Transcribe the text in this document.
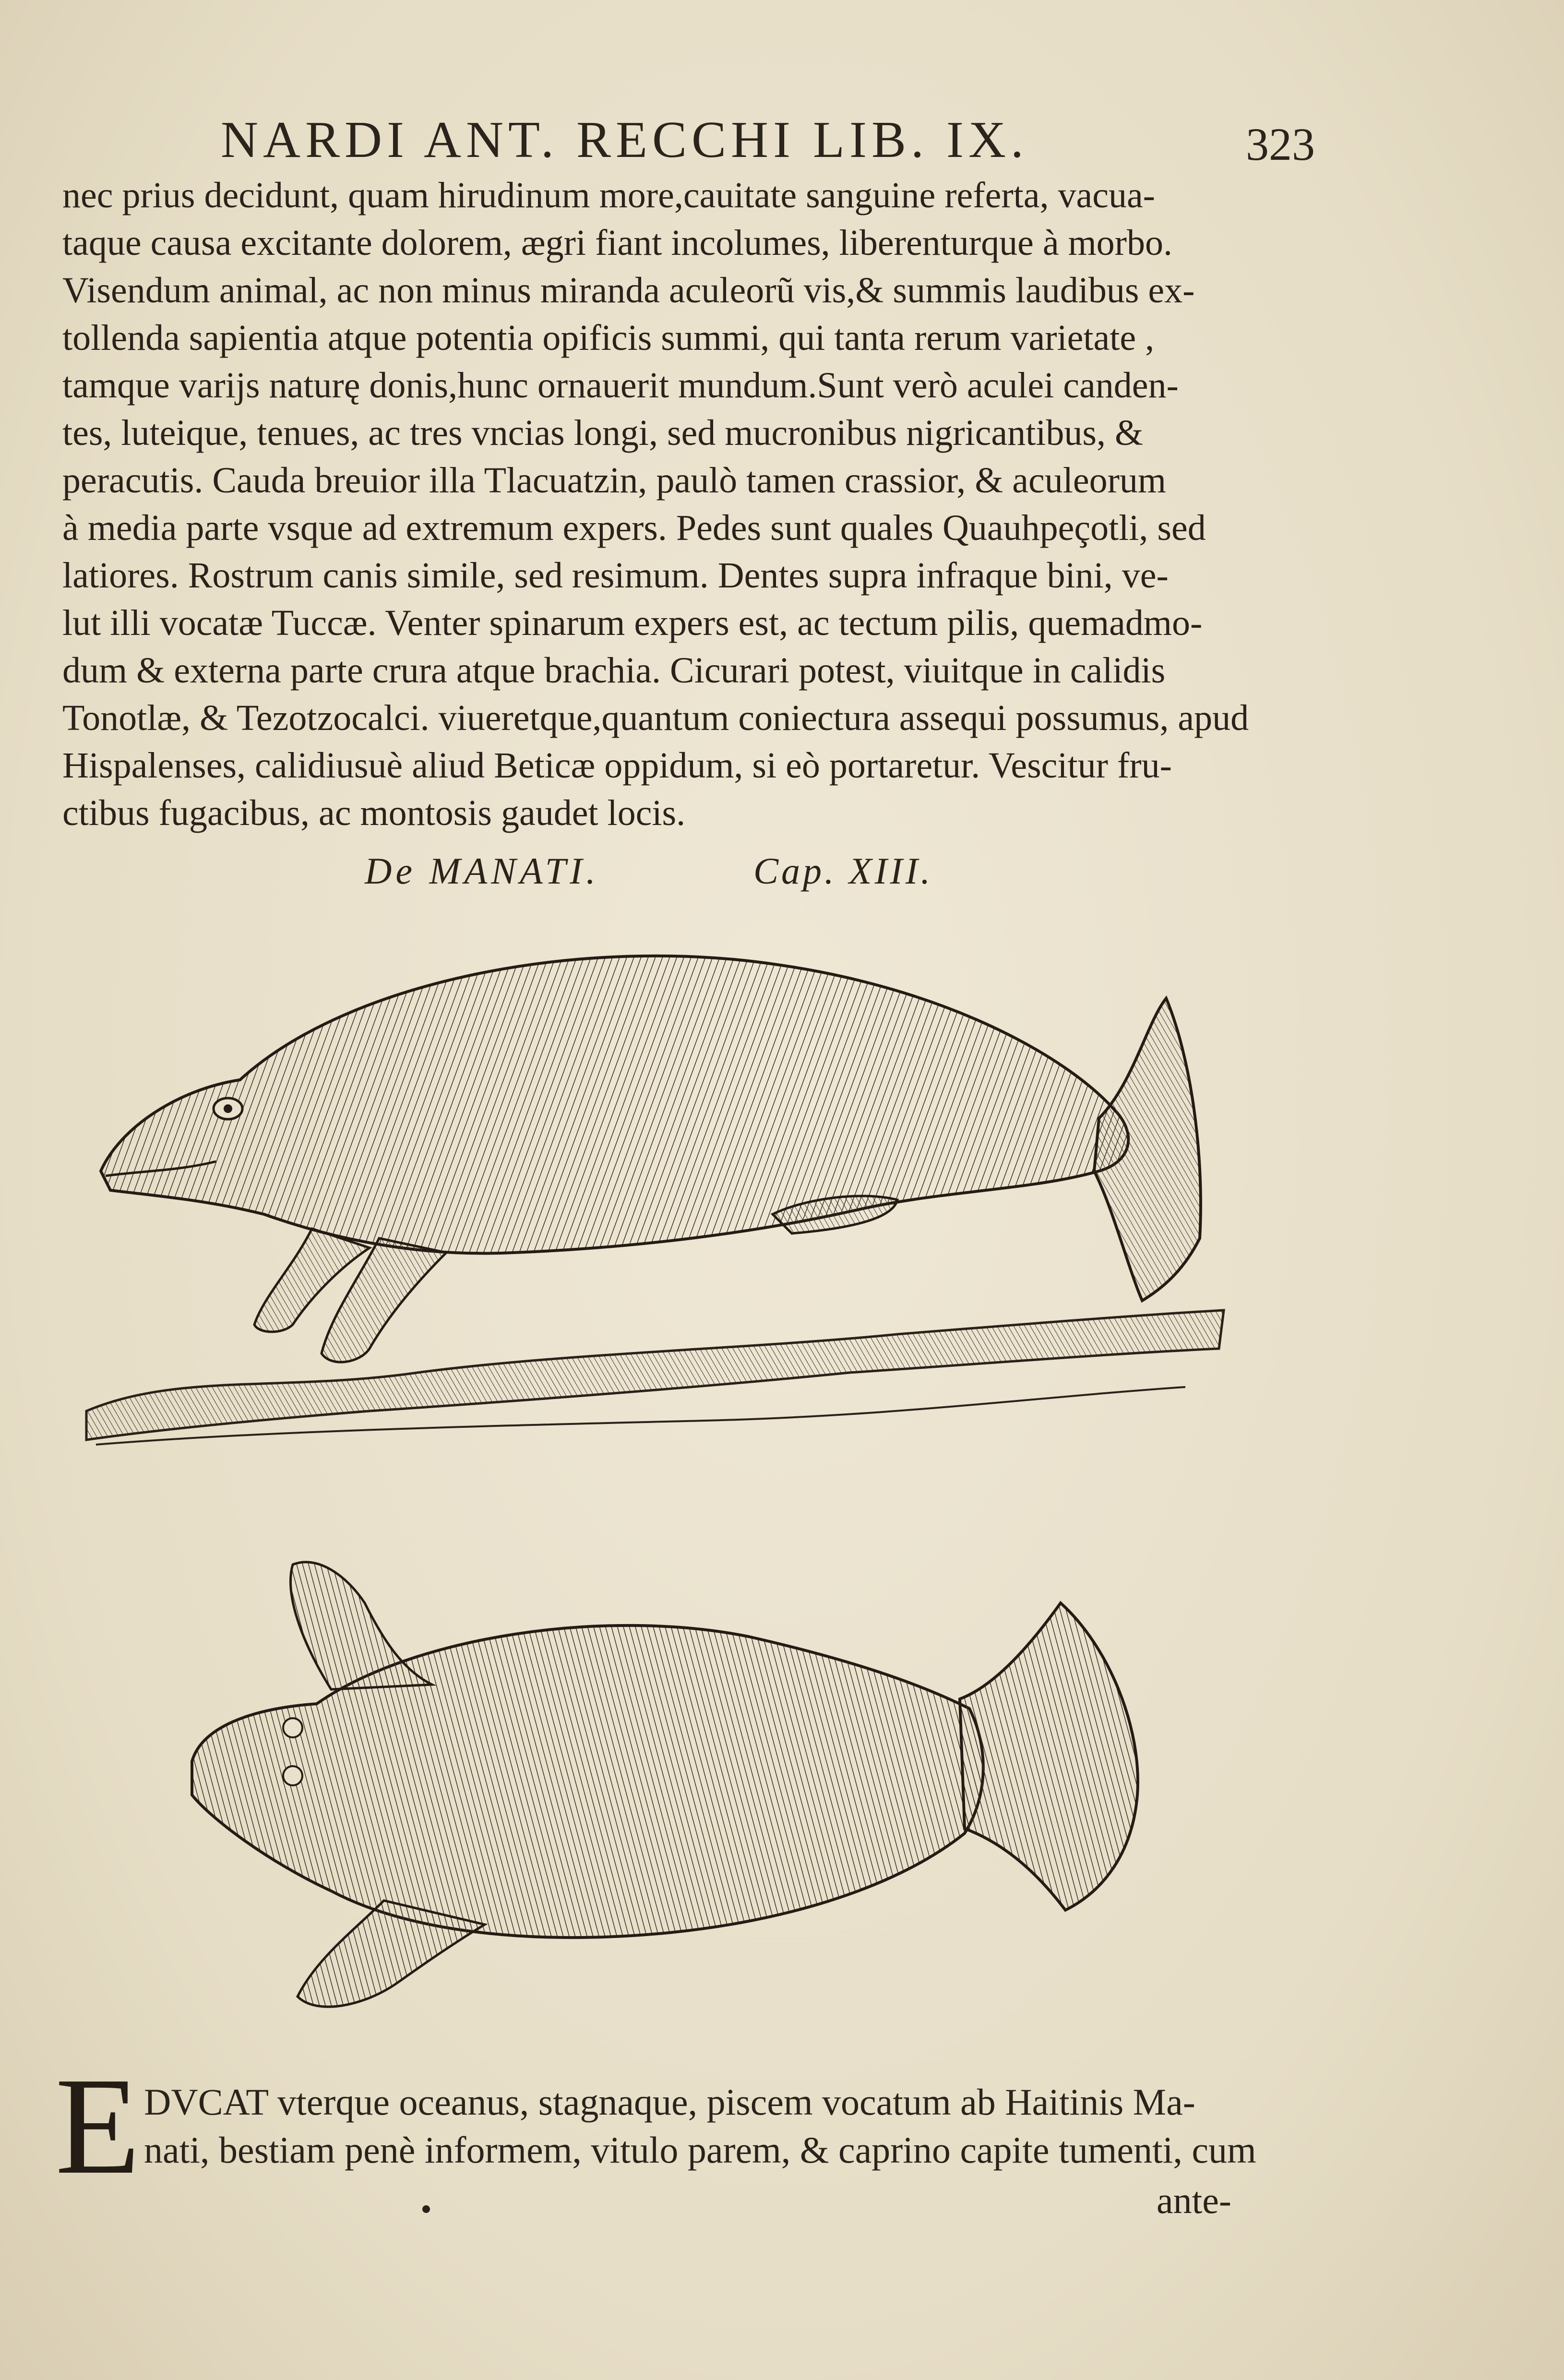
NARDI ANT. RECCHI LIB. IX.	323
nec prius decidunt, quam hirudinum more,cauitate sanguine referta, vacua-
taque causa excitante dolorem, ægri fiant incolumes, liberenturque à morbo.
Visendum animal, ac non minus miranda aculeorũ vis,& summis laudibus ex-
tollenda sapientia atque potentia opificis summi, qui tanta rerum varietate ,
tamque varijs naturę donis,hunc ornauerit mundum.Sunt verò aculei canden-
tes, luteique, tenues, ac tres vncias longi, sed mucronibus nigricantibus, &
peracutis. Cauda breuior illa Tlacuatzin, paulò tamen crassior, & aculeorum
à media parte vsque ad extremum expers. Pedes sunt quales Quauhpeçotli, sed
latiores. Rostrum canis simile, sed resimum. Dentes supra infraque bini, ve-
lut illi vocatæ Tuccæ. Venter spinarum expers est, ac tectum pilis, quemadmo-
dum & externa parte crura atque brachia. Cicurari potest, viuitque in calidis
Tonotlæ, & Tezotzocalci. viueretque,quantum coniectura assequi possumus, apud
Hispalenses, calidiusuè aliud Beticæ oppidum, si eò portaretur. Vescitur fru-
ctibus fugacibus, ac montosis gaudet locis.
De MANATI.	Cap. XIII.
E DVCAT vterque oceanus, stagnaque, piscem vocatum ab Haitinis Ma-
nati, bestiam penè informem, vitulo parem, & caprino capite tumenti, cum
ante-
